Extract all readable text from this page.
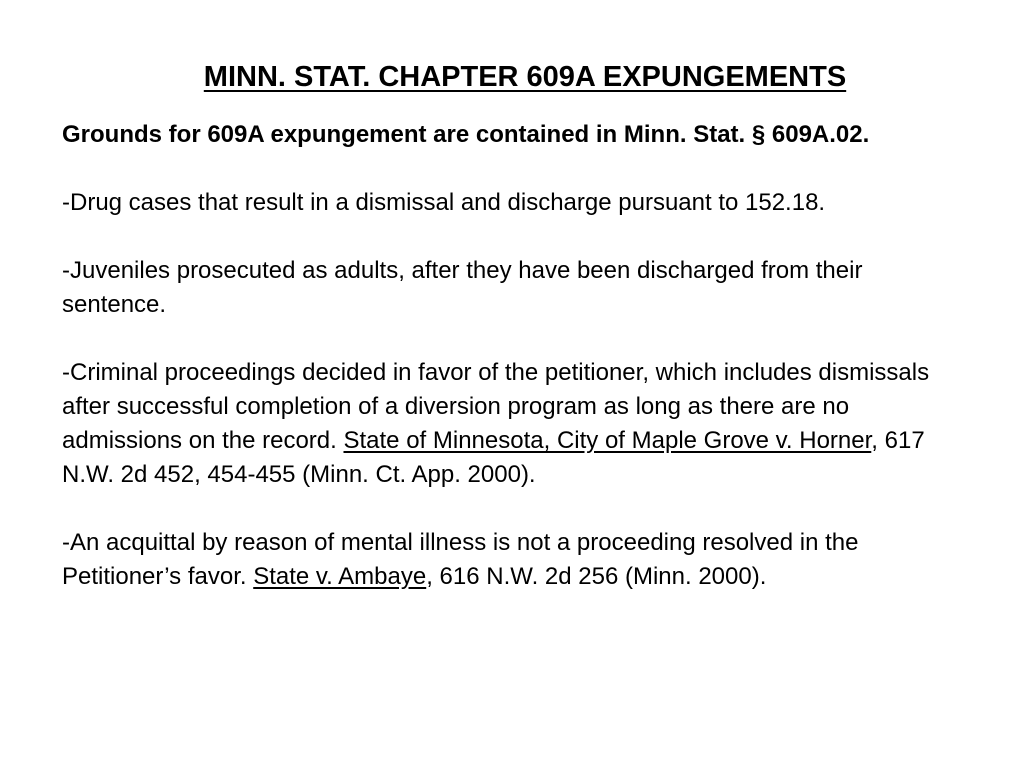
MINN. STAT. CHAPTER 609A EXPUNGEMENTS

Grounds for 609A expungement are contained in Minn. Stat. § 609A.02.

-Drug cases that result in a dismissal and discharge pursuant to 152.18.

-Juveniles prosecuted as adults, after they have been discharged from their sentence.

-Criminal proceedings decided in favor of the petitioner, which includes dismissals after successful completion of a diversion program as long as there are no admissions on the record. State of Minnesota, City of Maple Grove v. Horner, 617 N.W. 2d 452, 454-455 (Minn. Ct. App. 2000).

-An acquittal by reason of mental illness is not a proceeding resolved in the Petitioner’s favor. State v. Ambaye, 616 N.W. 2d 256 (Minn. 2000).
